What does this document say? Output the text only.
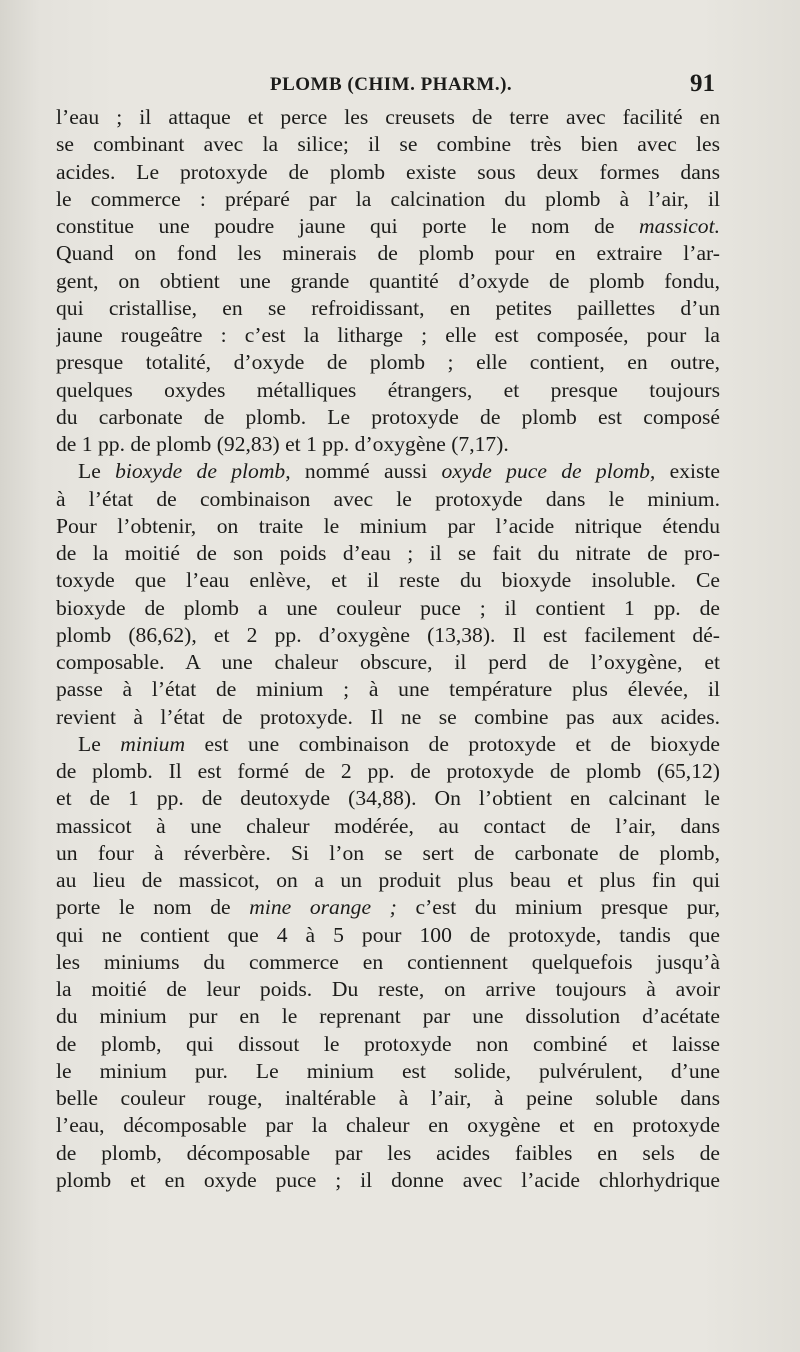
PLOMB (CHIM. PHARM.).	91
l’eau ; il attaque et perce les creusets de terre avec facilité en
se combinant avec la silice; il se combine très bien avec les
acides. Le protoxyde de plomb existe sous deux formes dans
le commerce : préparé par la calcination du plomb à l’air, il
constitue une poudre jaune qui porte le nom de massicot.
Quand on fond les minerais de plomb pour en extraire l’ar-
gent, on obtient une grande quantité d’oxyde de plomb fondu,
qui cristallise, en se refroidissant, en petites paillettes d’un
jaune rougeâtre : c’est la litharge ; elle est composée, pour la
presque totalité, d’oxyde de plomb ; elle contient, en outre,
quelques oxydes métalliques étrangers, et presque toujours
du carbonate de plomb. Le protoxyde de plomb est composé
de 1 pp. de plomb (92,83) et 1 pp. d’oxygène (7,17).
Le bioxyde de plomb, nommé aussi oxyde puce de plomb, existe
à l’état de combinaison avec le protoxyde dans le minium.
Pour l’obtenir, on traite le minium par l’acide nitrique étendu
de la moitié de son poids d’eau ; il se fait du nitrate de pro-
toxyde que l’eau enlève, et il reste du bioxyde insoluble. Ce
bioxyde de plomb a une couleur puce ; il contient 1 pp. de
plomb (86,62), et 2 pp. d’oxygène (13,38). Il est facilement dé-
composable. A une chaleur obscure, il perd de l’oxygène, et
passe à l’état de minium ; à une température plus élevée, il
revient à l’état de protoxyde. Il ne se combine pas aux acides.
Le minium est une combinaison de protoxyde et de bioxyde
de plomb. Il est formé de 2 pp. de protoxyde de plomb (65,12)
et de 1 pp. de deutoxyde (34,88). On l’obtient en calcinant le
massicot à une chaleur modérée, au contact de l’air, dans
un four à réverbère. Si l’on se sert de carbonate de plomb,
au lieu de massicot, on a un produit plus beau et plus fin qui
porte le nom de mine orange ; c’est du minium presque pur,
qui ne contient que 4 à 5 pour 100 de protoxyde, tandis que
les miniums du commerce en contiennent quelquefois jusqu’à
la moitié de leur poids. Du reste, on arrive toujours à avoir
du minium pur en le reprenant par une dissolution d’acétate
de plomb, qui dissout le protoxyde non combiné et laisse
le minium pur. Le minium est solide, pulvérulent, d’une
belle couleur rouge, inaltérable à l’air, à peine soluble dans
l’eau, décomposable par la chaleur en oxygène et en protoxyde
de plomb, décomposable par les acides faibles en sels de
plomb et en oxyde puce ; il donne avec l’acide chlorhydrique
